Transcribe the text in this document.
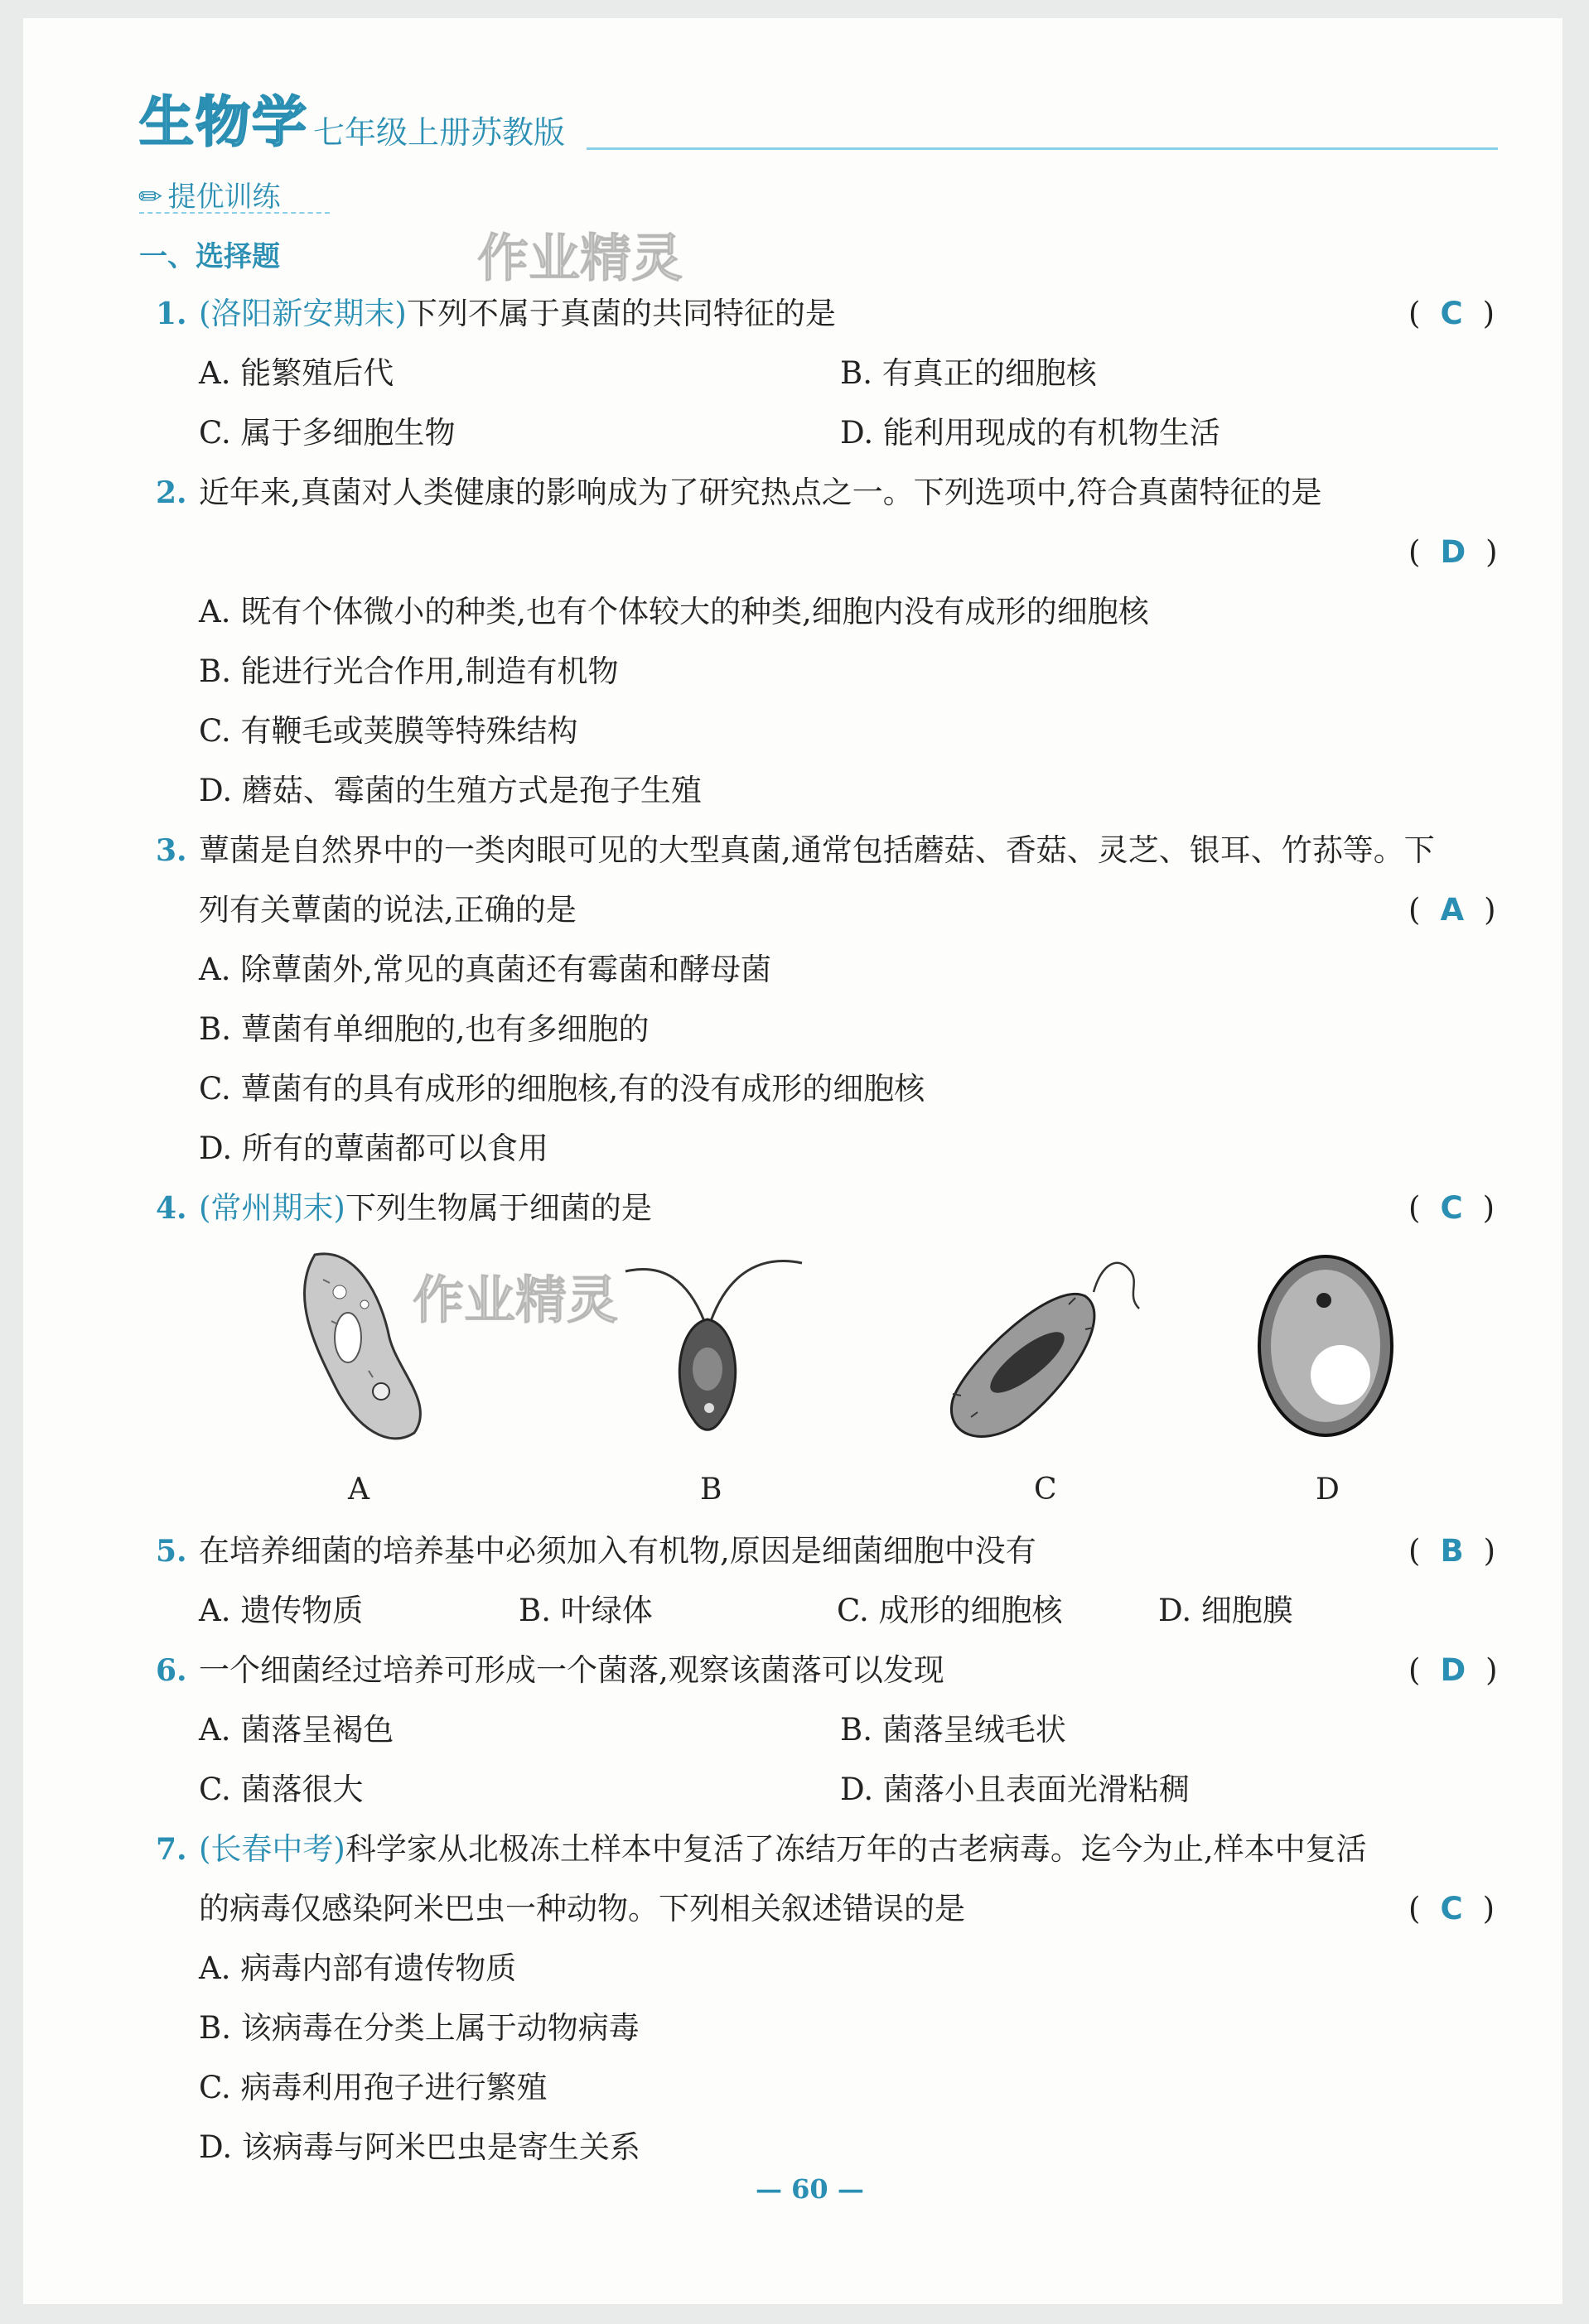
生物学 七年级上册苏教版
✎提优训练
一、选择题	作业精灵
1. (洛阳新安期末)下列不属于真菌的共同特征的是	( C )
A. 能繁殖后代	B. 有真正的细胞核
C. 属于多细胞生物	D. 能利用现成的有机物生活
2. 近年来,真菌对人类健康的影响成为了研究热点之一。下列选项中,符合真菌特征的是
( D )
A. 既有个体微小的种类,也有个体较大的种类,细胞内没有成形的细胞核
B. 能进行光合作用,制造有机物
C. 有鞭毛或荚膜等特殊结构
D. 蘑菇、霉菌的生殖方式是孢子生殖
3. 蕈菌是自然界中的一类肉眼可见的大型真菌,通常包括蘑菇、香菇、灵芝、银耳、竹荪等。下
列有关蕈菌的说法,正确的是	( A )
A. 除蕈菌外,常见的真菌还有霉菌和酵母菌
B. 蕈菌有单细胞的,也有多细胞的
C. 蕈菌有的具有成形的细胞核,有的没有成形的细胞核
D. 所有的蕈菌都可以食用
4. (常州期末)下列生物属于细菌的是	( C )
作业精灵
A	B	C	D
5. 在培养细菌的培养基中必须加入有机物,原因是细菌细胞中没有	( B )
A. 遗传物质	B. 叶绿体	C. 成形的细胞核	D. 细胞膜
6. 一个细菌经过培养可形成一个菌落,观察该菌落可以发现	( D )
A. 菌落呈褐色	B. 菌落呈绒毛状
C. 菌落很大	D. 菌落小且表面光滑粘稠
7. (长春中考)科学家从北极冻土样本中复活了冻结万年的古老病毒。迄今为止,样本中复活
的病毒仅感染阿米巴虫一种动物。下列相关叙述错误的是	( C )
A. 病毒内部有遗传物质
B. 该病毒在分类上属于动物病毒
C. 病毒利用孢子进行繁殖
D. 该病毒与阿米巴虫是寄生关系
— 60 —
